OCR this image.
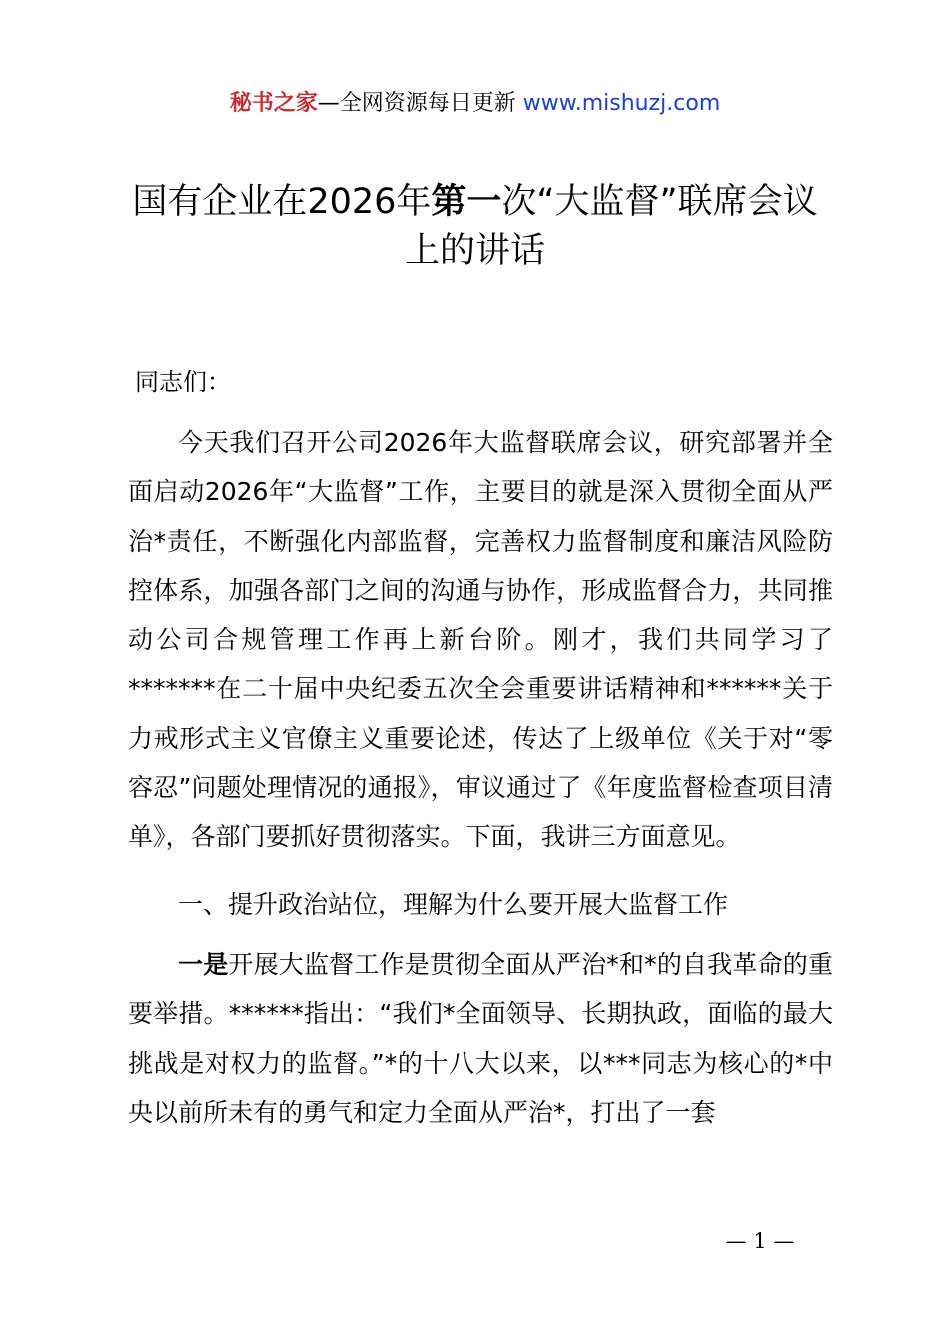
秘书之家—全网资源每日更新 www.mishuzj.com
国有企业在2026年第一次“大监督”联席会议上的讲话
同志们：
今天我们召开公司2026年大监督联席会议，研究部署并全面启动2026年“大监督”工作，主要目的就是深入贯彻全面从严治*责任，不断强化内部监督，完善权力监督制度和廉洁风险防控体系，加强各部门之间的沟通与协作，形成监督合力，共同推动公司合规管理工作再上新台阶。刚才，我们共同学习了*******在二十届中央纪委五次全会重要讲话精神和******关于力戒形式主义官僚主义重要论述，传达了上级单位《关于对“零容忍”问题处理情况的通报》，审议通过了《年度监督检查项目清单》，各部门要抓好贯彻落实。下面，我讲三方面意见。
一、提升政治站位，理解为什么要开展大监督工作
一是开展大监督工作是贯彻全面从严治*和*的自我革命的重要举措。******指出：“我们*全面领导、长期执政，面临的最大挑战是对权力的监督。”*的十八大以来，以***同志为核心的*中央以前所未有的勇气和定力全面从严治*，打出了一套
— 1 —
